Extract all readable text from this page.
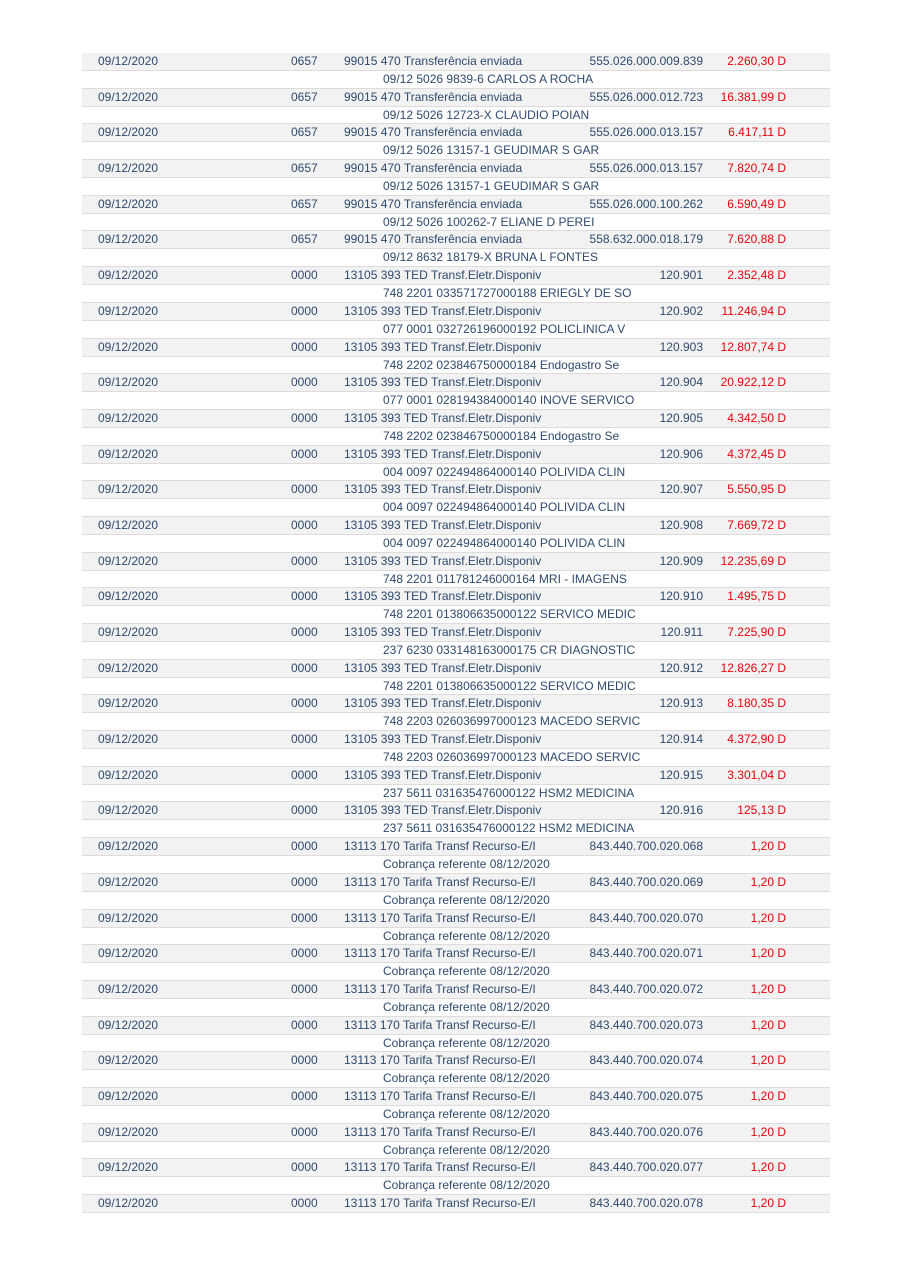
09/12/2020	0657 99015 470 Transferência enviada	555.026.000.009.839 2.260,30 D
09/12 5026 9839-6 CARLOS A ROCHA
09/12/2020	0657 99015 470 Transferência enviada	555.026.000.012.723 16.381,99 D
09/12 5026 12723-X CLAUDIO POIAN
09/12/2020	0657 99015 470 Transferência enviada	555.026.000.013.157 6.417,11 D
09/12 5026 13157-1 GEUDIMAR S GAR
09/12/2020	0657 99015 470 Transferência enviada	555.026.000.013.157 7.820,74 D
09/12 5026 13157-1 GEUDIMAR S GAR
09/12/2020	0657 99015 470 Transferência enviada	555.026.000.100.262 6.590,49 D
09/12 5026 100262-7 ELIANE D PEREI
09/12/2020	0657 99015 470 Transferência enviada	558.632.000.018.179 7.620,88 D
09/12 8632 18179-X BRUNA L FONTES
09/12/2020	0000 13105 393 TED Transf.Eletr.Disponiv	120.901 2.352,48 D
748 2201 033571727000188 ERIEGLY DE SO
09/12/2020	0000 13105 393 TED Transf.Eletr.Disponiv	120.902 11.246,94 D
077 0001 032726196000192 POLICLINICA V
09/12/2020	0000 13105 393 TED Transf.Eletr.Disponiv	120.903 12.807,74 D
748 2202 023846750000184 Endogastro Se
09/12/2020	0000 13105 393 TED Transf.Eletr.Disponiv	120.904 20.922,12 D
077 0001 028194384000140 INOVE SERVICO
09/12/2020	0000 13105 393 TED Transf.Eletr.Disponiv	120.905 4.342,50 D
748 2202 023846750000184 Endogastro Se
09/12/2020	0000 13105 393 TED Transf.Eletr.Disponiv	120.906 4.372,45 D
004 0097 022494864000140 POLIVIDA CLIN
09/12/2020	0000 13105 393 TED Transf.Eletr.Disponiv	120.907 5.550,95 D
004 0097 022494864000140 POLIVIDA CLIN
09/12/2020	0000 13105 393 TED Transf.Eletr.Disponiv	120.908 7.669,72 D
004 0097 022494864000140 POLIVIDA CLIN
09/12/2020	0000 13105 393 TED Transf.Eletr.Disponiv	120.909 12.235,69 D
748 2201 011781246000164 MRI - IMAGENS
09/12/2020	0000 13105 393 TED Transf.Eletr.Disponiv	120.910 1.495,75 D
748 2201 013806635000122 SERVICO MEDIC
09/12/2020	0000 13105 393 TED Transf.Eletr.Disponiv	120.911 7.225,90 D
237 6230 033148163000175 CR DIAGNOSTIC
09/12/2020	0000 13105 393 TED Transf.Eletr.Disponiv	120.912 12.826,27 D
748 2201 013806635000122 SERVICO MEDIC
09/12/2020	0000 13105 393 TED Transf.Eletr.Disponiv	120.913 8.180,35 D
748 2203 026036997000123 MACEDO SERVIC
09/12/2020	0000 13105 393 TED Transf.Eletr.Disponiv	120.914 4.372,90 D
748 2203 026036997000123 MACEDO SERVIC
09/12/2020	0000 13105 393 TED Transf.Eletr.Disponiv	120.915 3.301,04 D
237 5611 031635476000122 HSM2 MEDICINA
09/12/2020	0000 13105 393 TED Transf.Eletr.Disponiv	120.916	125,13 D
237 5611 031635476000122 HSM2 MEDICINA
09/12/2020	0000 13113 170 Tarifa Transf Recurso-E/I	843.440.700.020.068	1,20 D
Cobrança referente 08/12/2020
09/12/2020	0000 13113 170 Tarifa Transf Recurso-E/I	843.440.700.020.069	1,20 D
Cobrança referente 08/12/2020
09/12/2020	0000 13113 170 Tarifa Transf Recurso-E/I	843.440.700.020.070	1,20 D
Cobrança referente 08/12/2020
09/12/2020	0000 13113 170 Tarifa Transf Recurso-E/I	843.440.700.020.071	1,20 D
Cobrança referente 08/12/2020
09/12/2020	0000 13113 170 Tarifa Transf Recurso-E/I	843.440.700.020.072	1,20 D
Cobrança referente 08/12/2020
09/12/2020	0000 13113 170 Tarifa Transf Recurso-E/I	843.440.700.020.073	1,20 D
Cobrança referente 08/12/2020
09/12/2020	0000 13113 170 Tarifa Transf Recurso-E/I	843.440.700.020.074	1,20 D
Cobrança referente 08/12/2020
09/12/2020	0000 13113 170 Tarifa Transf Recurso-E/I	843.440.700.020.075	1,20 D
Cobrança referente 08/12/2020
09/12/2020	0000 13113 170 Tarifa Transf Recurso-E/I	843.440.700.020.076	1,20 D
Cobrança referente 08/12/2020
09/12/2020	0000 13113 170 Tarifa Transf Recurso-E/I	843.440.700.020.077	1,20 D
Cobrança referente 08/12/2020
09/12/2020	0000 13113 170 Tarifa Transf Recurso-E/I	843.440.700.020.078	1,20 D
